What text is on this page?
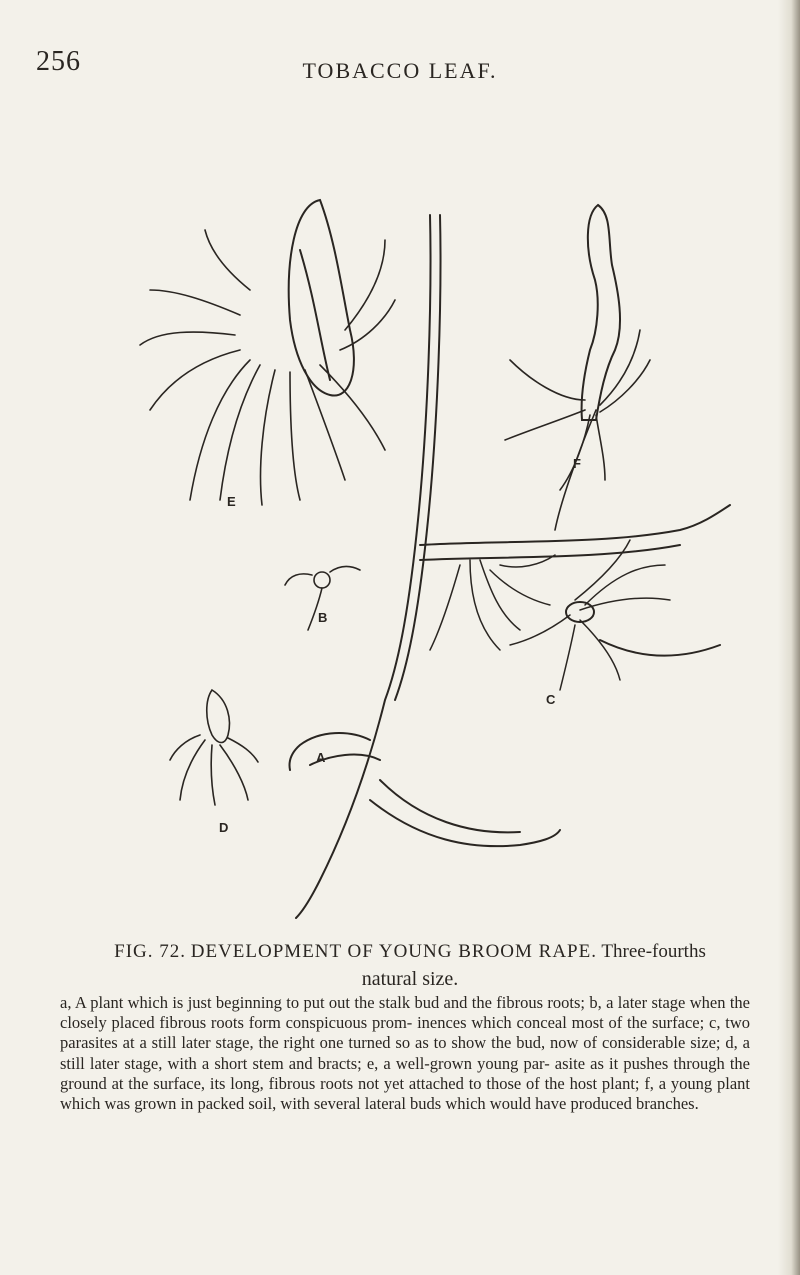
256	TOBACCO LEAF.
E
F
B
C
A
D
FIG. 72. DEVELOPMENT OF YOUNG BROOM RAPE. Three-fourths
natural size.
a, A plant which is just beginning to put out the stalk bud and the fibrous roots; b, a later stage when the closely placed fibrous roots form conspicuous prom- inences which conceal most of the surface; c, two parasites at a still later stage, the right one turned so as to show the bud, now of considerable size; d, a still later stage, with a short stem and bracts; e, a well-grown young par- asite as it pushes through the ground at the surface, its long, fibrous roots not yet attached to those of the host plant; f, a young plant which was grown in packed soil, with several lateral buds which would have produced branches.
